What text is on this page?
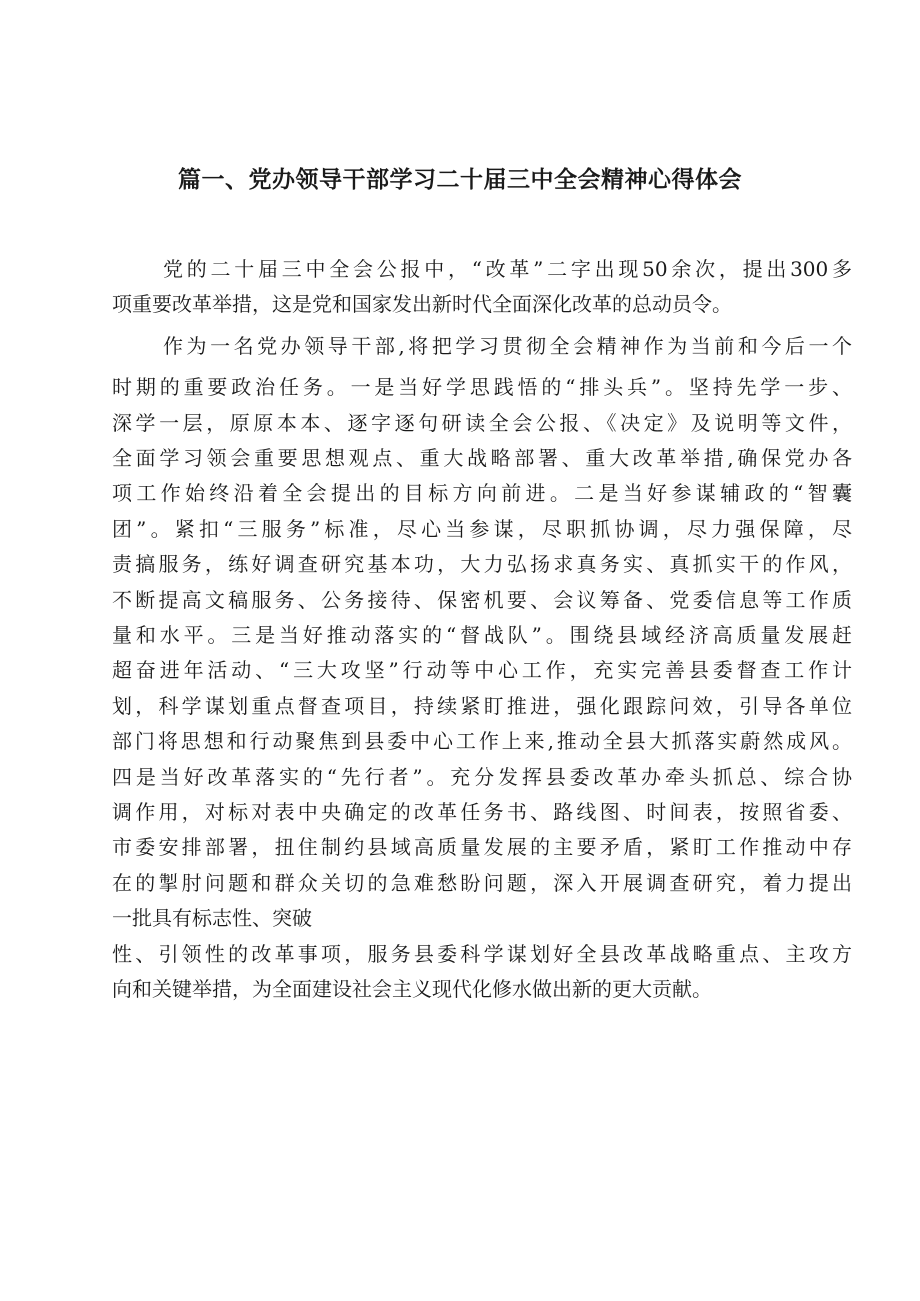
篇一、党办领导干部学习二十届三中全会精神心得体会
党的二十届三中全会公报中，“改革”二字出现50余次，提出300多
项重要改革举措，这是党和国家发出新时代全面深化改革的总动员令。
作为一名党办领导干部,将把学习贯彻全会精神作为当前和今后一个
时期的重要政治任务。一是当好学思践悟的“排头兵”。坚持先学一步、
深学一层，原原本本、逐字逐句研读全会公报、《决定》及说明等文件，
全面学习领会重要思想观点、重大战略部署、重大改革举措,确保党办各
项工作始终沿着全会提出的目标方向前进。二是当好参谋辅政的“智囊
团”。紧扣“三服务”标准，尽心当参谋，尽职抓协调，尽力强保障，尽
责搞服务，练好调查研究基本功，大力弘扬求真务实、真抓实干的作风，
不断提高文稿服务、公务接待、保密机要、会议筹备、党委信息等工作质
量和水平。三是当好推动落实的“督战队”。围绕县域经济高质量发展赶
超奋进年活动、“三大攻坚”行动等中心工作，充实完善县委督查工作计
划，科学谋划重点督查项目，持续紧盯推进，强化跟踪问效，引导各单位
部门将思想和行动聚焦到县委中心工作上来,推动全县大抓落实蔚然成风。
四是当好改革落实的“先行者”。充分发挥县委改革办牵头抓总、综合协
调作用，对标对表中央确定的改革任务书、路线图、时间表，按照省委、
市委安排部署，扭住制约县域高质量发展的主要矛盾，紧盯工作推动中存
在的掣肘问题和群众关切的急难愁盼问题，深入开展调查研究，着力提出
一批具有标志性、突破
性、引领性的改革事项，服务县委科学谋划好全县改革战略重点、主攻方
向和关键举措，为全面建设社会主义现代化修水做出新的更大贡献。
